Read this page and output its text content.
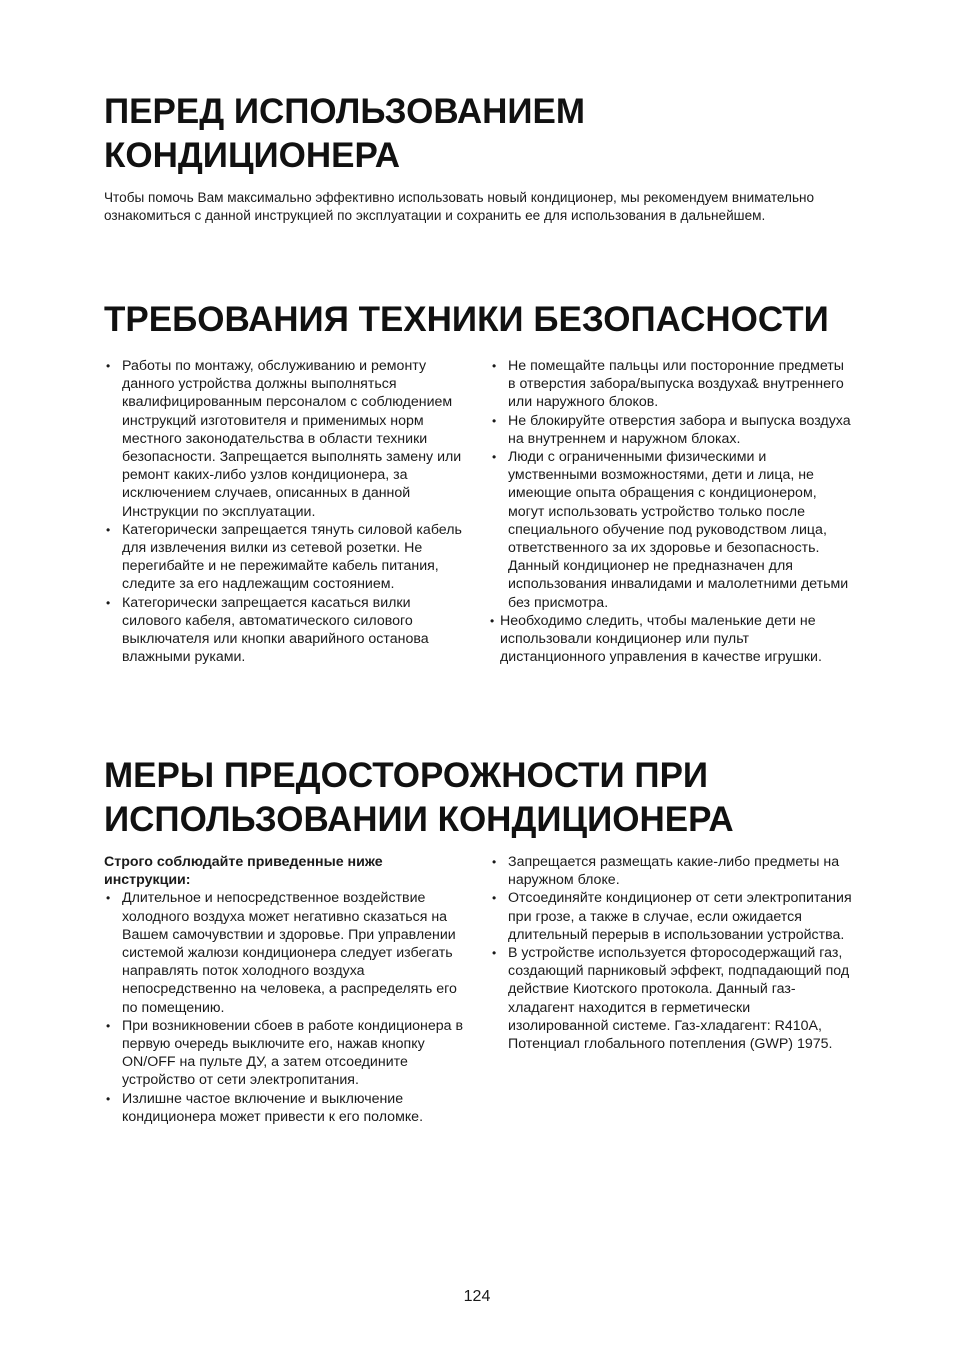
ПЕРЕД ИСПОЛЬЗОВАНИЕМ
КОНДИЦИОНЕРА

Чтобы помочь Вам максимально эффективно использовать новый кондиционер, мы рекомендуем внимательно ознакомиться с данной инструкцией по эксплуатации и сохранить ее для использования в дальнейшем.

ТРЕБОВАНИЯ ТЕХНИКИ БЕЗОПАСНОСТИ
• Работы по монтажу, обслуживанию и ремонту данного устройства должны выполняться квалифицированным персоналом с соблюдением инструкций изготовителя и применимых норм местного законодательства в области техники безопасности. Запрещается выполнять замену или ремонт каких-либо узлов кондиционера, за исключением случаев, описанных в данной Инструкции по эксплуатации.
• Категорически запрещается тянуть силовой кабель для извлечения вилки из сетевой розетки. Не перегибайте и не пережимайте кабель питания, следите за его надлежащим состоянием.
• Категорически запрещается касаться вилки силового кабеля, автоматического силового выключателя или кнопки аварийного останова влажными руками.
• Не помещайте пальцы или посторонние предметы в отверстия забора/выпуска воздуха& внутреннего или наружного блоков.
• Не блокируйте отверстия забора и выпуска воздуха на внутреннем и наружном блоках.
• Люди с ограниченными физическими и умственными возможностями, дети и лица, не имеющие опыта обращения с кондиционером, могут использовать устройство только после специального обучение под руководством лица, ответственного за их здоровье и безопасность. Данный кондиционер не предназначен для использования инвалидами и малолетними детьми без присмотра.
• Необходимо следить, чтобы маленькие дети не использовали кондиционер или пульт дистанционного управления в качестве игрушки.
МЕРЫ ПРЕДОСТОРОЖНОСТИ ПРИ
ИСПОЛЬЗОВАНИИ КОНДИЦИОНЕРА

Строго соблюдайте приведенные ниже инструкции:

• Длительное и непосредственное воздействие холодного воздуха может негативно сказаться на Вашем самочувствии и здоровье. При управлении системой жалюзи кондиционера следует избегать направлять поток холодного воздуха непосредственно на человека, а распределять его по помещению.
• При возникновении сбоев в работе кондиционера в первую очередь выключите его, нажав кнопку ON/OFF на пульте ДУ, а затем отсоедините устройство от сети электропитания.
• Излишне частое включение и выключение кондиционера может привести к его поломке.
• Запрещается размещать какие-либо предметы на наружном блоке.
• Отсоединяйте кондиционер от сети электропитания при грозе, а также в случае, если ожидается длительный перерыв в использовании устройства.
• В устройстве используется фторосодержащий газ, создающий парниковый эффект, подпадающий под действие Киотского протокола. Данный газ-хладагент находится в герметически изолированной системе. Газ-хладагент: R410A, Потенциал глобального потепления (GWP) 1975.
124
